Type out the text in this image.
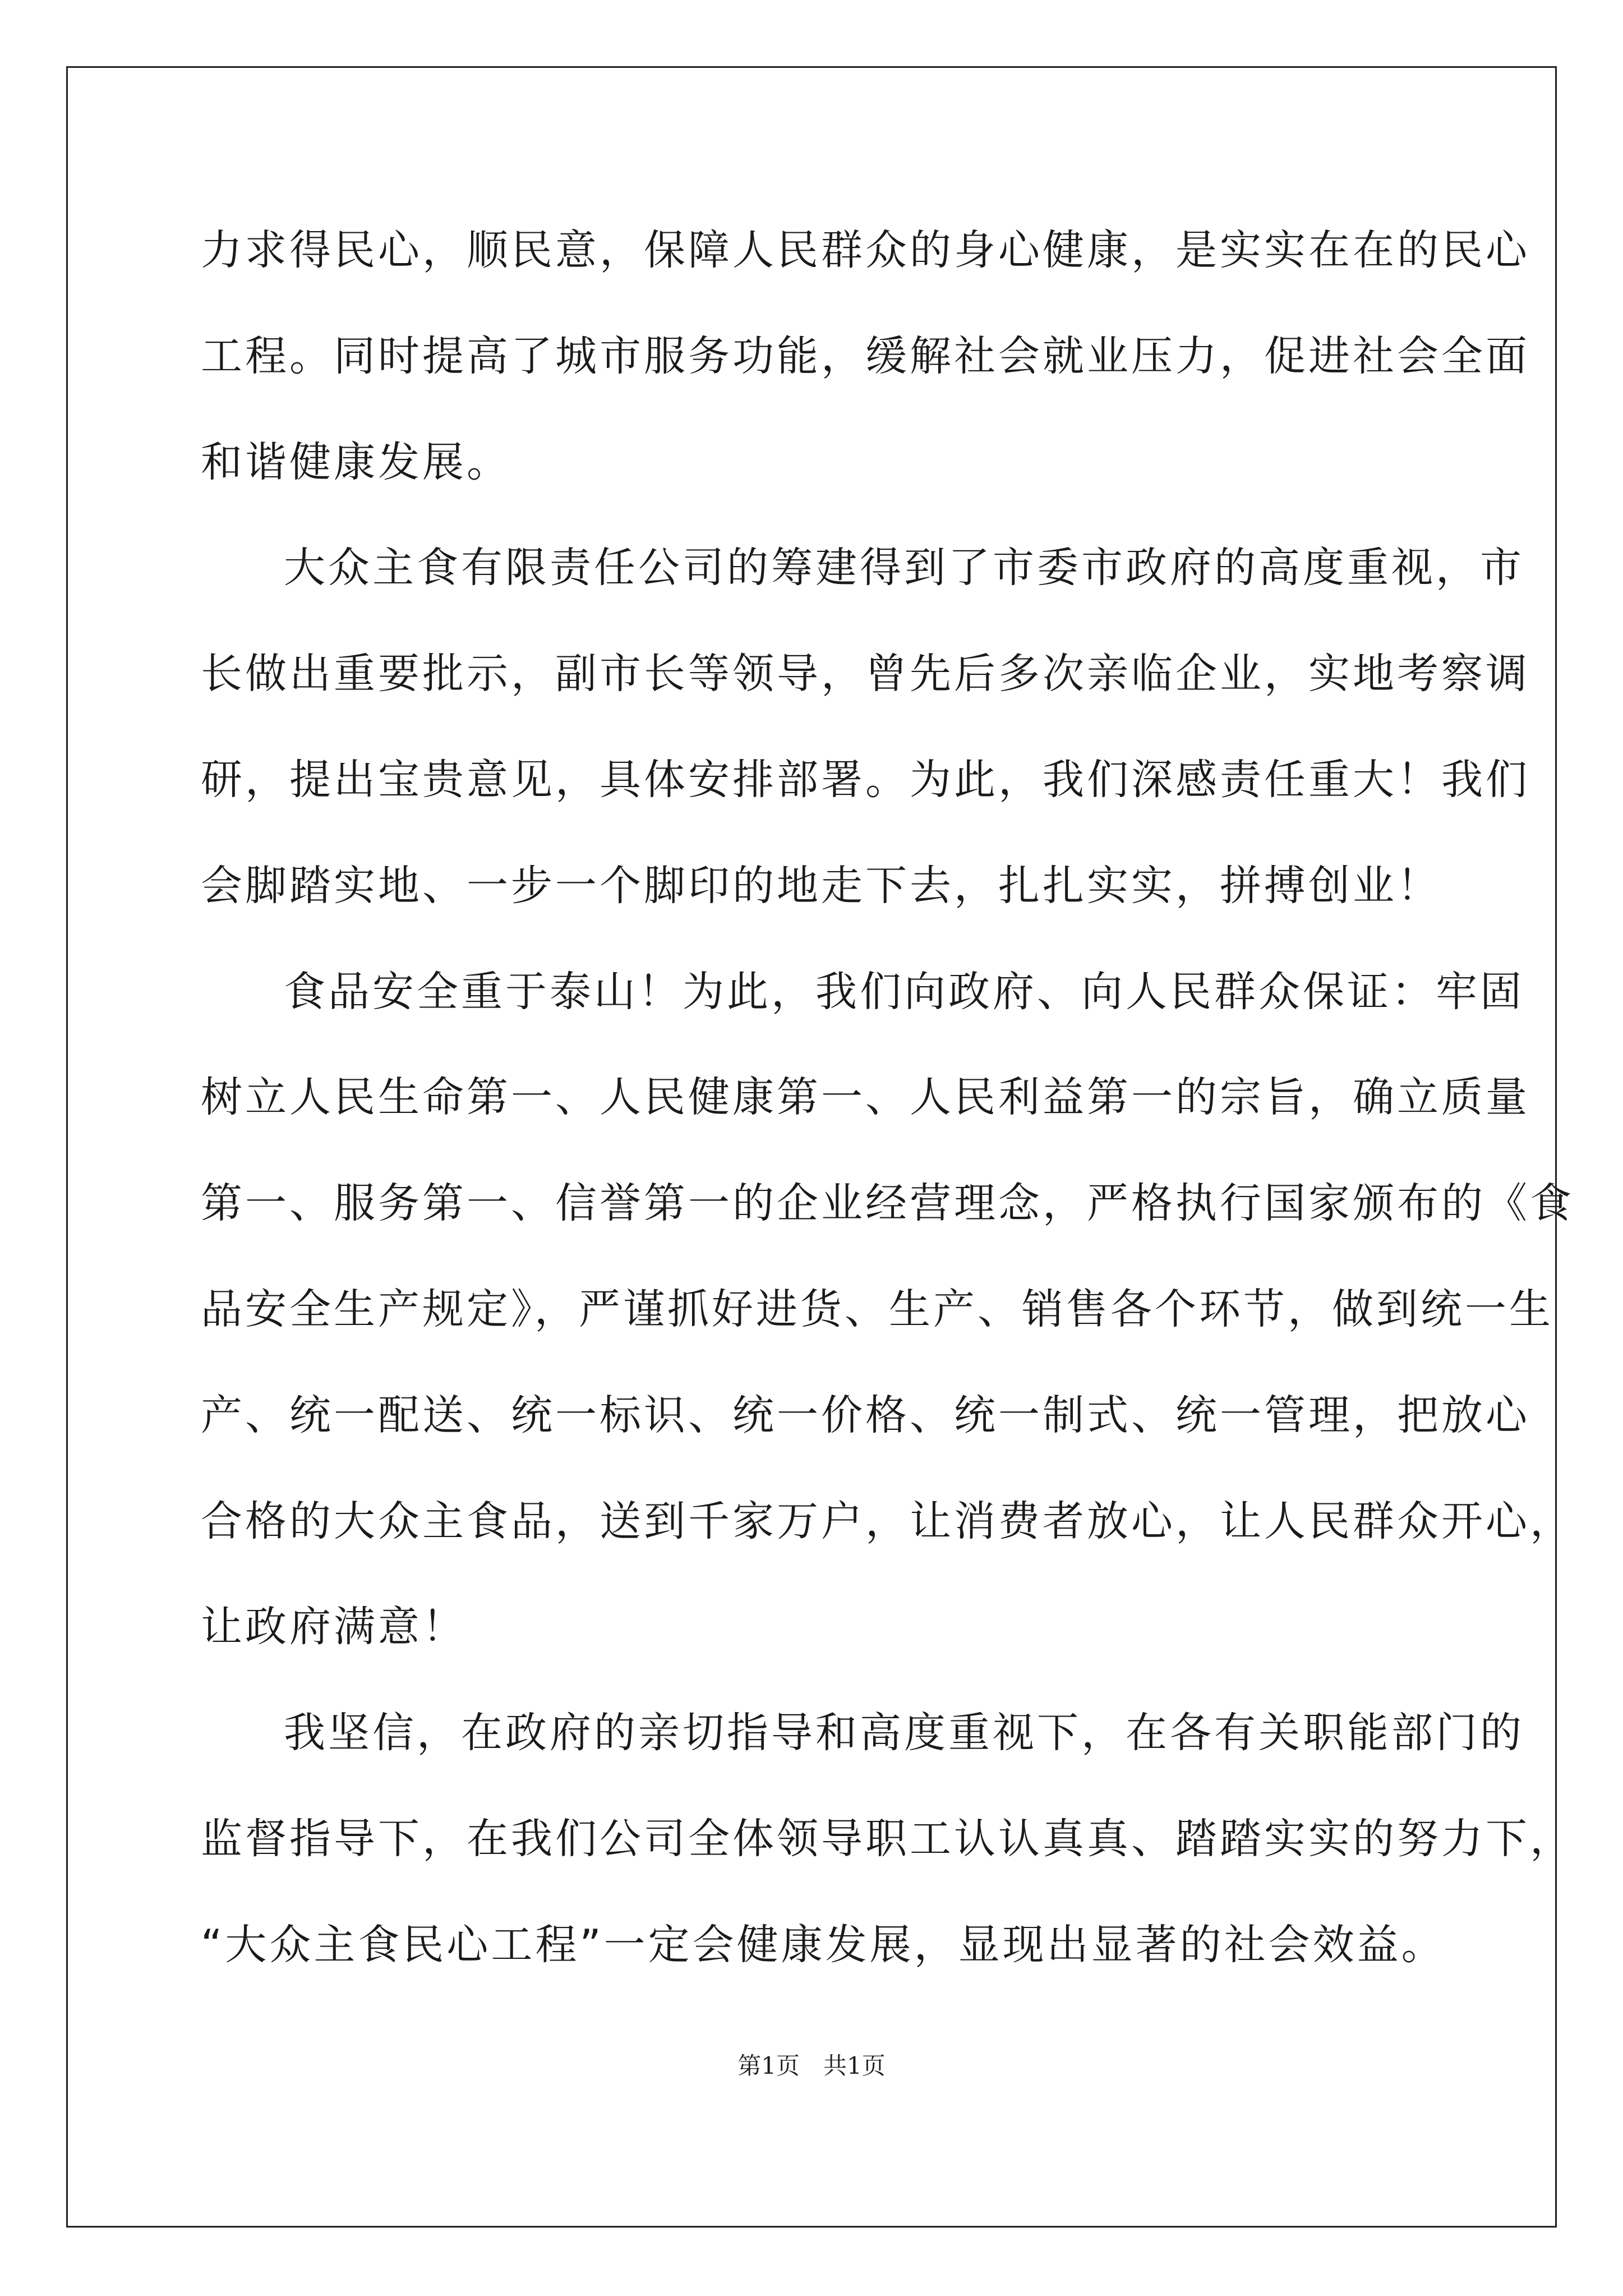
力求得民心，顺民意，保障人民群众的身心健康，是实实在在的民心
工程。同时提高了城市服务功能，缓解社会就业压力，促进社会全面
和谐健康发展。
大众主食有限责任公司的筹建得到了市委市政府的高度重视，市
长做出重要批示，副市长等领导，曾先后多次亲临企业，实地考察调
研，提出宝贵意见，具体安排部署。为此，我们深感责任重大！我们
会脚踏实地、一步一个脚印的地走下去，扎扎实实，拼搏创业！
食品安全重于泰山！为此，我们向政府、向人民群众保证：牢固
树立人民生命第一、人民健康第一、人民利益第一的宗旨，确立质量
第一、服务第一、信誉第一的企业经营理念，严格执行国家颁布的《食
品安全生产规定》，严谨抓好进货、生产、销售各个环节，做到统一生
产、统一配送、统一标识、统一价格、统一制式、统一管理，把放心
合格的大众主食品，送到千家万户，让消费者放心，让人民群众开心，
让政府满意！
我坚信，在政府的亲切指导和高度重视下，在各有关职能部门的
监督指导下，在我们公司全体领导职工认认真真、踏踏实实的努力下，
“大众主食民心工程”一定会健康发展，显现出显著的社会效益。
第1页　共1页
